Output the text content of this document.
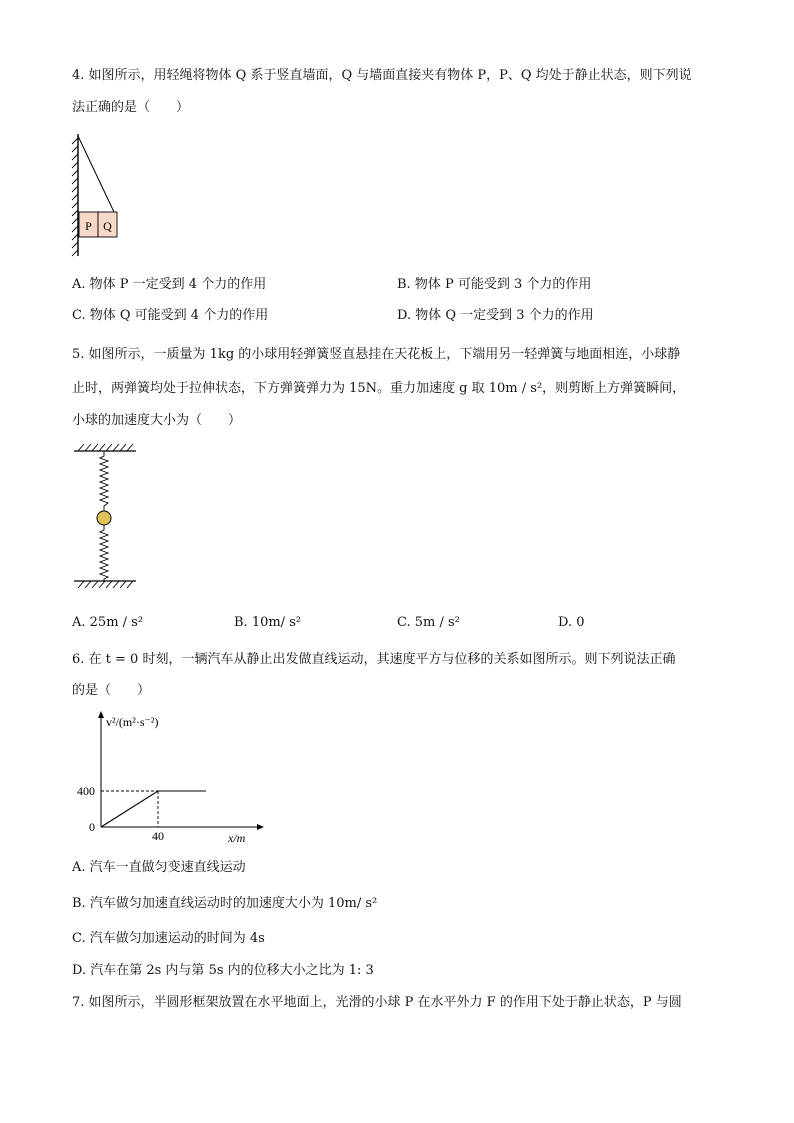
4. 如图所示，用轻绳将物体 Q 系于竖直墙面，Q 与墙面直接夹有物体 P，P、Q 均处于静止状态，则下列说
法正确的是（　　）
P Q
A. 物体 P 一定受到 4 个力的作用	B. 物体 P 可能受到 3 个力的作用
C. 物体 Q 可能受到 4 个力的作用	D. 物体 Q 一定受到 3 个力的作用
5. 如图所示，一质量为 1kg 的小球用轻弹簧竖直悬挂在天花板上，下端用另一轻弹簧与地面相连，小球静
止时，两弹簧均处于拉伸状态，下方弹簧弹力为 15N。重力加速度 g 取 10m / s²，则剪断上方弹簧瞬间，
小球的加速度大小为（　　）
A. 25m / s²	B. 10m/ s²	C. 5m / s²	D. 0
6. 在 t = 0 时刻，一辆汽车从静止出发做直线运动，其速度平方与位移的关系如图所示。则下列说法正确
的是（　　）
v²/(m²·s⁻²)
x/m
0
400
40
A. 汽车一直做匀变速直线运动
B. 汽车做匀加速直线运动时的加速度大小为 10m/ s²
C. 汽车做匀加速运动的时间为 4s
D. 汽车在第 2s 内与第 5s 内的位移大小之比为 1: 3
7. 如图所示，半圆形框架放置在水平地面上，光滑的小球 P 在水平外力 F 的作用下处于静止状态，P 与圆
